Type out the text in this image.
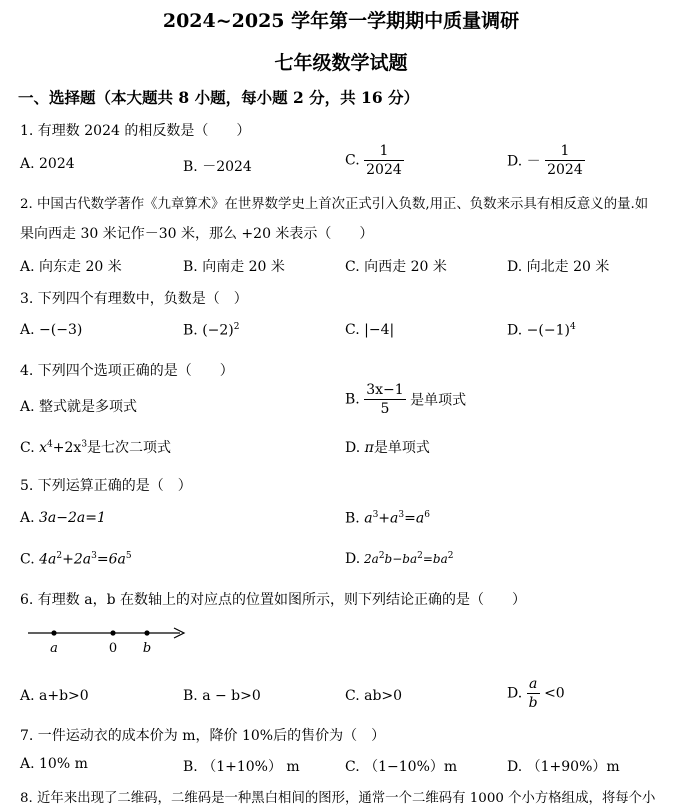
2024~2025 学年第一学期期中质量调研
七年级数学试题
一、选择题（本大题共 8 小题，每小题 2 分，共 16 分）
1. 有理数 2024 的相反数是（　　）
A. 2024	B. －2024	C. $\frac{1}{2024}$	D. － $\frac{1}{2024}$
2. 中国古代数学著作《九章算术》在世界数学史上首次正式引入负数,用正、负数来示具有相反意义的量.如
果向西走 30 米记作－30 米，那么 +20 米表示（　　）
A. 向东走 20 米	B. 向南走 20 米	C. 向西走 20 米	D. 向北走 20 米
3. 下列四个有理数中，负数是（　）
A. −(−3)	B. $(-2)^2$	C. |−4|	D. $-(-1)^4$
4. 下列四个选项正确的是（　　）
A. 整式就是多项式	B. $\frac{3x-1}{5}$ 是单项式
C. $x^4+2x^3$是七次二项式	D. π是单项式
5. 下列运算正确的是（　）
A. 3a−2a=1	B. $a^3+a^3=a^6$
C. $4a^2+2a^3=6a^5$	D. $2a^2b-ba^2=ba^2$
6. 有理数 a，b 在数轴上的对应点的位置如图所示，则下列结论正确的是（　　）
a	0 b
A. a+b>0	B. a − b>0	C. ab>0	D. $\frac{a}{b} <0$
7. 一件运动衣的成本价为 m，降价 10%后的售价为（　）
A. 10% m	B. （1+10%） m	C. （1−10%）m	D. （1+90%）m
8. 近年来出现了二维码，二维码是一种黑白相间的图形，通常一个二维码有 1000 个小方格组成，将每个小
